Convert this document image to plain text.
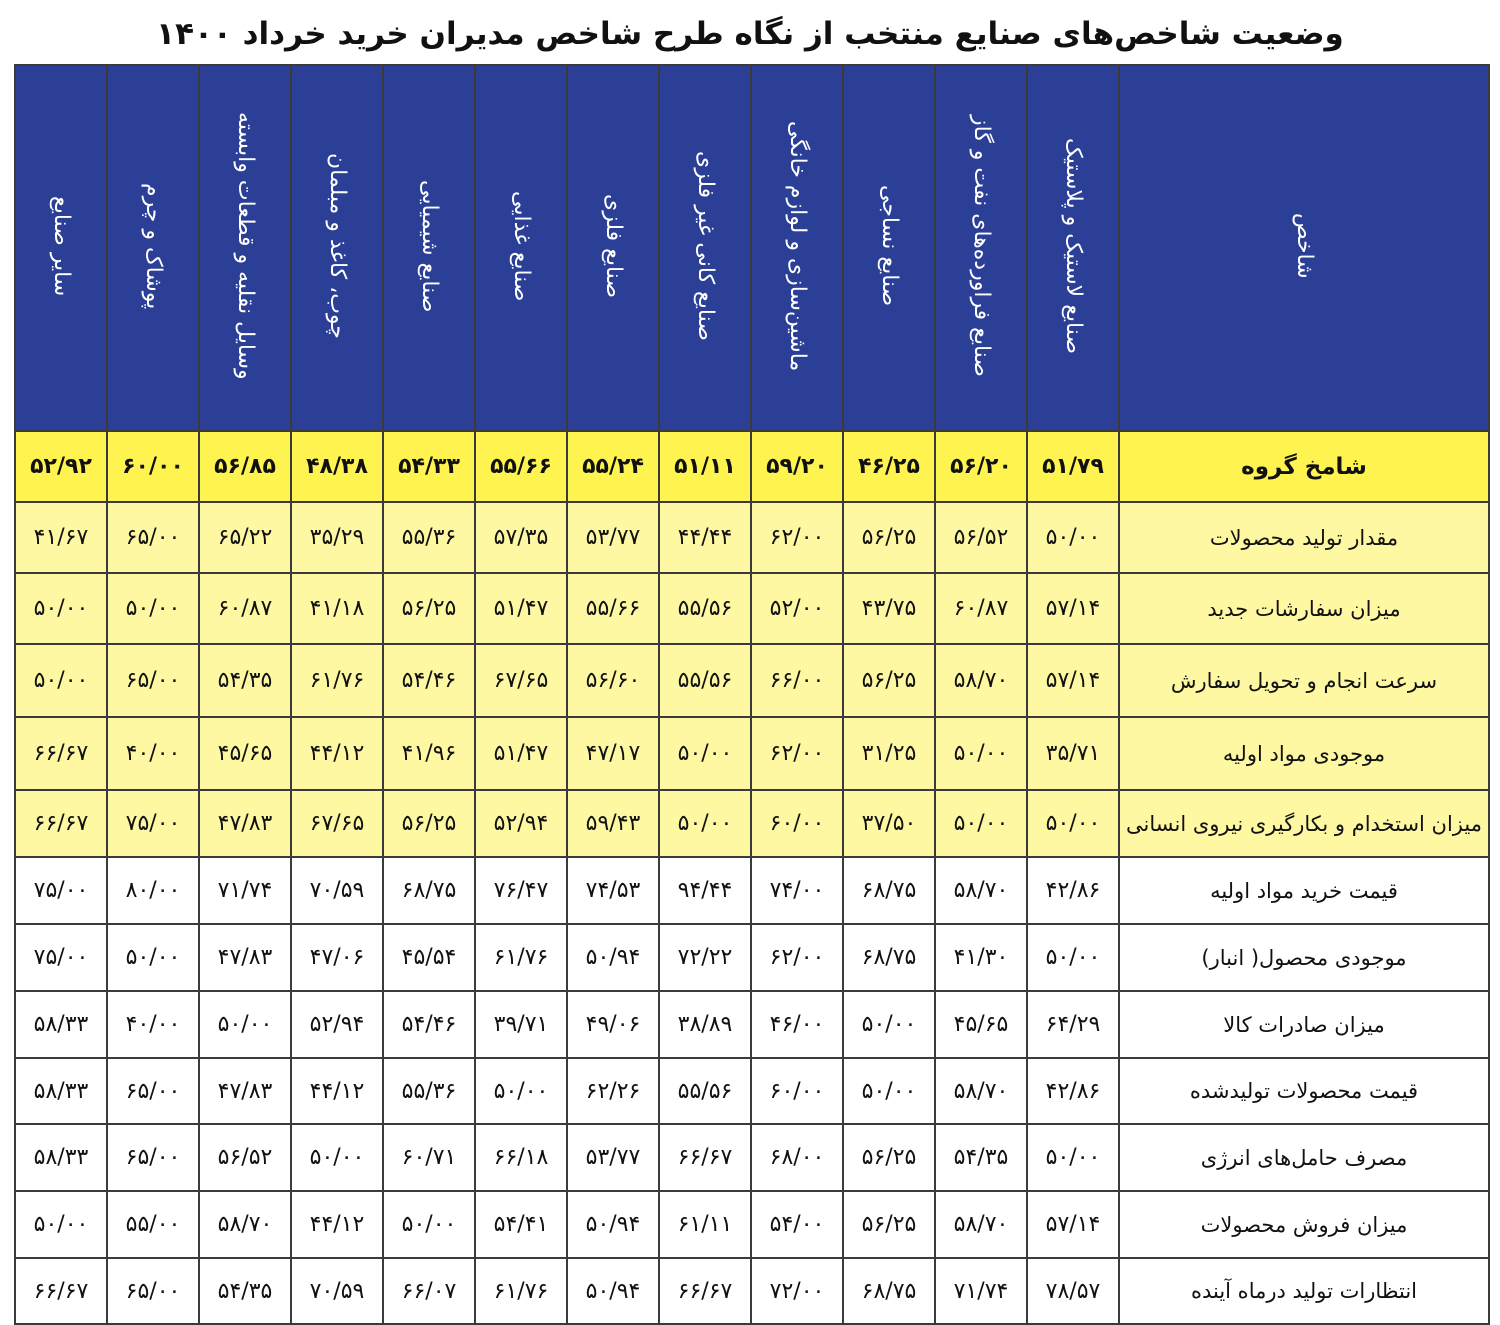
وضعیت شاخص‌های صنایع منتخب از نگاه طرح شاخص مدیران خرید خرداد ۱۴۰۰
شاخص	صنایع لاستیک و پلاستیک	صنایع فراورده‌های نفت و گاز	صنایع نساجی	ماشین‌سازی و لوازم خانگی	صنایع کانی غیر فلزی	صنایع فلزی	صنایع غذایی	صنایع شیمیایی	چوب، کاغذ و مبلمان	وسایل نقلیه و قطعات وابسته	پوشاک و چرم	سایر صنایع
شامخ گروه	۵۱/۷۹	۵۶/۲۰	۴۶/۲۵	۵۹/۲۰	۵۱/۱۱	۵۵/۲۴	۵۵/۶۶	۵۴/۳۳	۴۸/۳۸	۵۶/۸۵	۶۰/۰۰	۵۲/۹۲
مقدار تولید محصولات	۵۰/۰۰	۵۶/۵۲	۵۶/۲۵	۶۲/۰۰	۴۴/۴۴	۵۳/۷۷	۵۷/۳۵	۵۵/۳۶	۳۵/۲۹	۶۵/۲۲	۶۵/۰۰	۴۱/۶۷
میزان سفارشات جدید	۵۷/۱۴	۶۰/۸۷	۴۳/۷۵	۵۲/۰۰	۵۵/۵۶	۵۵/۶۶	۵۱/۴۷	۵۶/۲۵	۴۱/۱۸	۶۰/۸۷	۵۰/۰۰	۵۰/۰۰
سرعت انجام و تحویل سفارش	۵۷/۱۴	۵۸/۷۰	۵۶/۲۵	۶۶/۰۰	۵۵/۵۶	۵۶/۶۰	۶۷/۶۵	۵۴/۴۶	۶۱/۷۶	۵۴/۳۵	۶۵/۰۰	۵۰/۰۰
موجودی مواد اولیه	۳۵/۷۱	۵۰/۰۰	۳۱/۲۵	۶۲/۰۰	۵۰/۰۰	۴۷/۱۷	۵۱/۴۷	۴۱/۹۶	۴۴/۱۲	۴۵/۶۵	۴۰/۰۰	۶۶/۶۷
میزان استخدام و بکارگیری نیروی انسانی	۵۰/۰۰	۵۰/۰۰	۳۷/۵۰	۶۰/۰۰	۵۰/۰۰	۵۹/۴۳	۵۲/۹۴	۵۶/۲۵	۶۷/۶۵	۴۷/۸۳	۷۵/۰۰	۶۶/۶۷
قیمت خرید مواد اولیه	۴۲/۸۶	۵۸/۷۰	۶۸/۷۵	۷۴/۰۰	۹۴/۴۴	۷۴/۵۳	۷۶/۴۷	۶۸/۷۵	۷۰/۵۹	۷۱/۷۴	۸۰/۰۰	۷۵/۰۰
موجودی محصول( انبار)	۵۰/۰۰	۴۱/۳۰	۶۸/۷۵	۶۲/۰۰	۷۲/۲۲	۵۰/۹۴	۶۱/۷۶	۴۵/۵۴	۴۷/۰۶	۴۷/۸۳	۵۰/۰۰	۷۵/۰۰
میزان صادرات کالا	۶۴/۲۹	۴۵/۶۵	۵۰/۰۰	۴۶/۰۰	۳۸/۸۹	۴۹/۰۶	۳۹/۷۱	۵۴/۴۶	۵۲/۹۴	۵۰/۰۰	۴۰/۰۰	۵۸/۳۳
قیمت محصولات تولیدشده	۴۲/۸۶	۵۸/۷۰	۵۰/۰۰	۶۰/۰۰	۵۵/۵۶	۶۲/۲۶	۵۰/۰۰	۵۵/۳۶	۴۴/۱۲	۴۷/۸۳	۶۵/۰۰	۵۸/۳۳
مصرف حامل‌های انرژی	۵۰/۰۰	۵۴/۳۵	۵۶/۲۵	۶۸/۰۰	۶۶/۶۷	۵۳/۷۷	۶۶/۱۸	۶۰/۷۱	۵۰/۰۰	۵۶/۵۲	۶۵/۰۰	۵۸/۳۳
میزان فروش محصولات	۵۷/۱۴	۵۸/۷۰	۵۶/۲۵	۵۴/۰۰	۶۱/۱۱	۵۰/۹۴	۵۴/۴۱	۵۰/۰۰	۴۴/۱۲	۵۸/۷۰	۵۵/۰۰	۵۰/۰۰
انتظارات تولید درماه آینده	۷۸/۵۷	۷۱/۷۴	۶۸/۷۵	۷۲/۰۰	۶۶/۶۷	۵۰/۹۴	۶۱/۷۶	۶۶/۰۷	۷۰/۵۹	۵۴/۳۵	۶۵/۰۰	۶۶/۶۷
